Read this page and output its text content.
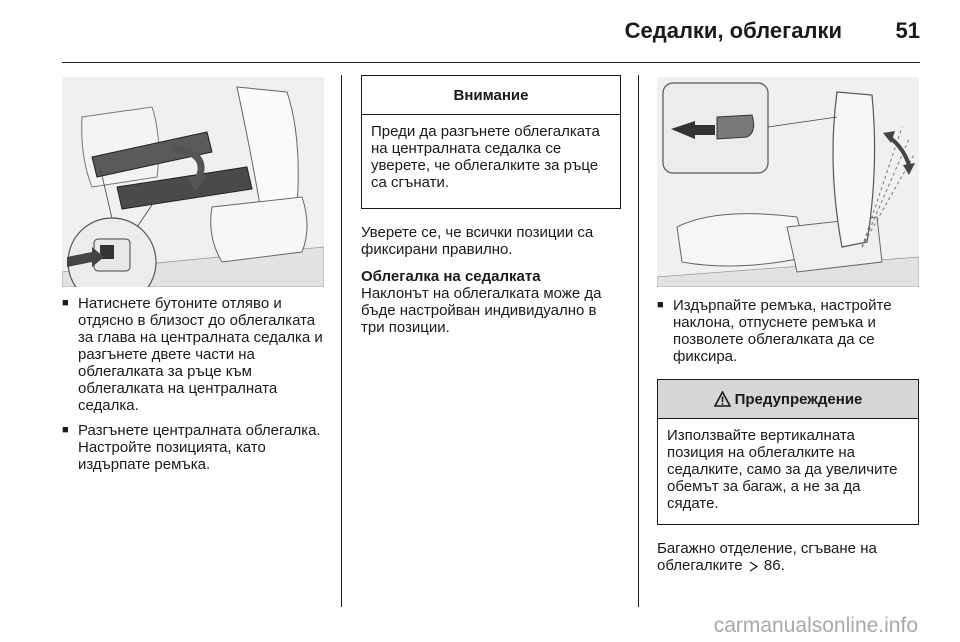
Седалки, облегалки 51
■ Натиснете бутоните отляво и отдясно в близост до облегалката за глава на централната седалка и разгънете двете части на облегалката за ръце към облегалката на централната седалка.
■ Разгънете централната облегалка. Настройте позицията, като издърпате ремъка.
Внимание
Преди да разгънете облегалката на централната седалка се уверете, че облегалките за ръце са сгънати.

Уверете се, че всички позиции са фиксирани правилно.

Облегалка на седалката
Наклонът на облегалката може да бъде настройван индивидуално в три позиции.
■ Издърпайте ремъка, настройте наклона, отпуснете ремъка и позволете облегалката да се фиксира.
Предупреждение
Използвайте вертикалната позиция на облегалките на седалките, само за да увеличите обемът за багаж, а не за да сядате.

Багажно отделение, сгъване на облегалките 86.

carmanualsonline.info
